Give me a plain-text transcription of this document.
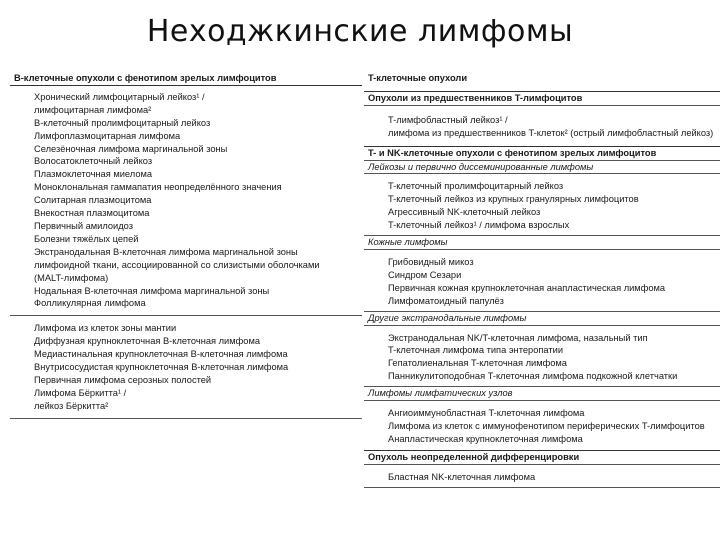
Неходжкинские лимфомы
B-клеточные опухоли с фенотипом зрелых лимфоцитов
Хронический лимфоцитарный лейкоз¹ /
лимфоцитарная лимфома²
B-клеточный пролимфоцитарный лейкоз
Лимфоплазмоцитарная лимфома
Селезёночная лимфома маргинальной зоны
Волосатоклеточный лейкоз
Плазмоклеточная миелома
Моноклональная гаммапатия неопределённого значения
Солитарная плазмоцитома
Внекостная плазмоцитома
Первичный амилоидоз
Болезни тяжёлых цепей
Экстранодальная B-клеточная лимфома маргинальной зоны
лимфоидной ткани, ассоциированной со слизистыми оболочками
(MALT-лимфома)
Нодальная B-клеточная лимфома маргинальной зоны
Фолликулярная лимфома
Лимфома из клеток зоны мантии
Диффузная крупноклеточная B-клеточная лимфома
Медиастинальная крупноклеточная B-клеточная лимфома
Внутрисосудистая крупноклеточная B-клеточная лимфома
Первичная лимфома серозных полостей
Лимфома Бёркитта¹ /
лейкоз Бёркитта²
T-клеточные опухоли
Опухоли из предшественников T-лимфоцитов
T-лимфобластный лейкоз¹ /
лимфома из предшественников T-клеток² (острый лимфобластный лейкоз)
T- и NK-клеточные опухоли с фенотипом зрелых лимфоцитов
Лейкозы и первично диссеминированные лимфомы
T-клеточный пролимфоцитарный лейкоз
T-клеточный лейкоз из крупных гранулярных лимфоцитов
Агрессивный NK-клеточный лейкоз
T-клеточный лейкоз¹ / лимфома взрослых
Кожные лимфомы
Грибовидный микоз
Синдром Сезари
Первичная кожная крупноклеточная анапластическая лимфома
Лимфоматоидный папулёз
Другие экстранодальные лимфомы
Экстранодальная NK/T-клеточная лимфома, назальный тип
T-клеточная лимфома типа энтеропатии
Гепатолиенальная T-клеточная лимфома
Панникулитоподобная T-клеточная лимфома подкожной клетчатки
Лимфомы лимфатических узлов
Ангиоиммунобластная T-клеточная лимфома
Лимфома из клеток с иммунофенотипом периферических T-лимфоцитов
Анапластическая крупноклеточная лимфома
Опухоль неопределенной дифференцировки
Бластная NK-клеточная лимфома
